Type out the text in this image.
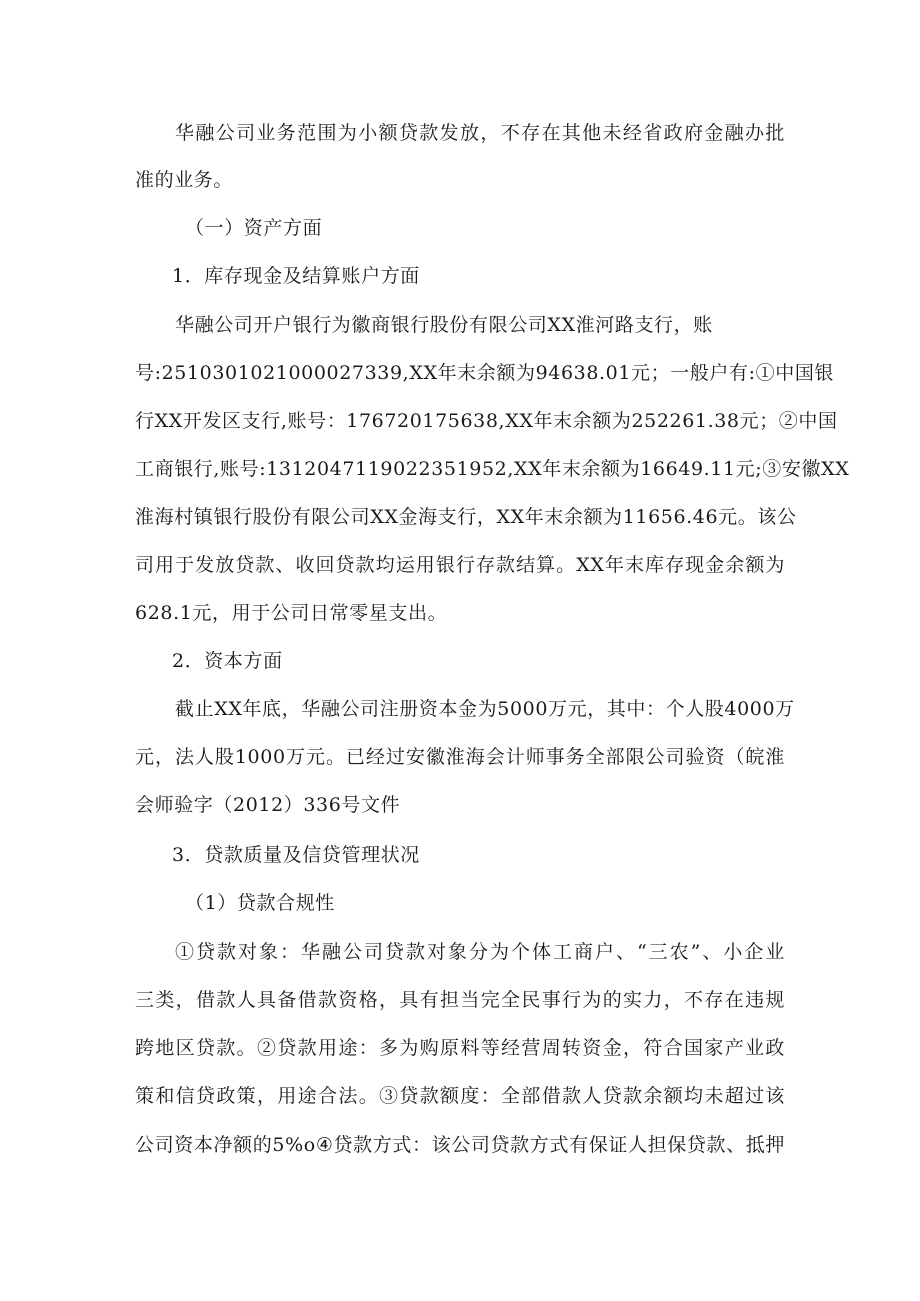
华融公司业务范围为小额贷款发放，不存在其他未经省政府金融办批
准的业务。
（一）资产方面
1．库存现金及结算账户方面
华融公司开户银行为徽商银行股份有限公司XX淮河路支行，账
号:2510301021000027339,XX年末余额为94638.01元；一般户有:①中国银
行XX开发区支行,账号：176720175638,XX年末余额为252261.38元；②中国
工商银行,账号:1312047119022351952,XX年末余额为16649.11元;③安徽XX
淮海村镇银行股份有限公司XX金海支行，XX年末余额为11656.46元。该公
司用于发放贷款、收回贷款均运用银行存款结算。XX年末库存现金余额为
628.1元，用于公司日常零星支出。
2．资本方面
截止XX年底，华融公司注册资本金为5000万元，其中：个人股4000万
元，法人股1000万元。已经过安徽淮海会计师事务全部限公司验资（皖淮
会师验字（2012）336号文件
3．贷款质量及信贷管理状况
（1）贷款合规性
①贷款对象：华融公司贷款对象分为个体工商户、“三农”、小企业
三类，借款人具备借款资格，具有担当完全民事行为的实力，不存在违规
跨地区贷款。②贷款用途：多为购原料等经营周转资金，符合国家产业政
策和信贷政策，用途合法。③贷款额度：全部借款人贷款余额均未超过该
公司资本净额的5%o④贷款方式：该公司贷款方式有保证人担保贷款、抵押
